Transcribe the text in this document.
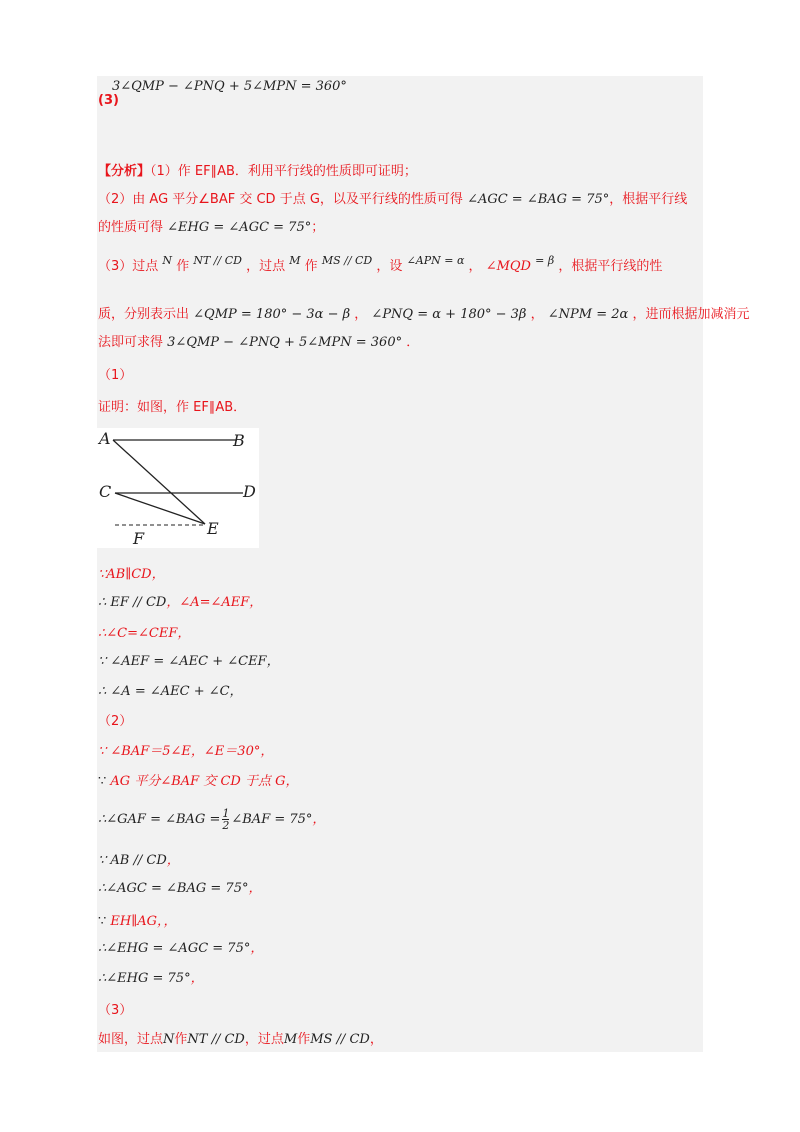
3∠QMP − ∠PNQ + 5∠MPN = 360°
(3)
【分析】（1）作 EF∥AB．利用平行线的性质即可证明；
（2）由 AG 平分∠BAF 交 CD 于点 G，以及平行线的性质可得 ∠AGC = ∠BAG = 75°，根据平行线
的性质可得 ∠EHG = ∠AGC = 75°；
（3）过点 $^N$ 作 $^{NT // CD}$ ，过点 $^M$ 作 $^{MS // CD}$ ，设 $^{\angle APN = \alpha}$ ， ∠MQD $^{= \beta}$ ，根据平行线的性
质，分别表示出 ∠QMP = 180° − 3α − β ， ∠PNQ = α + 180° − 3β ， ∠NPM = 2α ，进而根据加减消元
法即可求得 3∠QMP − ∠PNQ + 5∠MPN = 360° ．
（1）
证明：如图，作 EF∥AB．
A	B
C	D
E
F
∵AB∥CD，
∴ EF // CD，∠A=∠AEF，
∴∠C=∠CEF，
∵ ∠AEF = ∠AEC + ∠CEF，
∴ ∠A = ∠AEC + ∠C，
（2）
∵ ∠BAF＝5∠E，∠E＝30°，
∵ AG 平分∠BAF 交 CD 于点 G，
∴∠GAF = ∠BAG = $\frac{1}{2}$ ∠BAF = 75°，
∵ AB // CD，
∴∠AGC = ∠BAG = 75°，
∵ EH∥AG，，
∴∠EHG = ∠AGC = 75°，
∴∠EHG = 75°，
（3）
如图，过点N作NT // CD，过点M作MS // CD，
